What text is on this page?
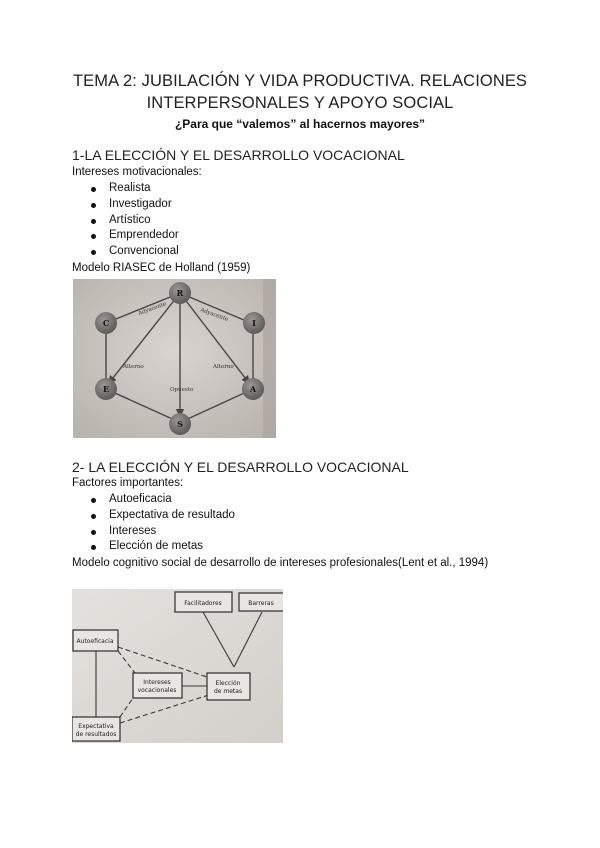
TEMA 2: JUBILACIÓN Y VIDA PRODUCTIVA. RELACIONES
INTERPERSONALES Y APOYO SOCIAL
¿Para que “valemos” al hacernos mayores”
1-LA ELECCIÓN Y EL DESARROLLO VOCACIONAL
Intereses motivacionales:
Realista
Investigador
Artístico
Emprendedor
Convencional
Modelo RIASEC de Holland (1959)
Adyacente	Adyacente
Alterno	Alterno
Opuesto
R
I
A
S
E
C
2- LA ELECCIÓN Y EL DESARROLLO VOCACIONAL
Factores importantes:
Autoeficacia
Expectativa de resultado
Intereses
Elección de metas
Modelo cognitivo social de desarrollo de intereses profesionales(Lent et al., 1994)
Facilitadores	Barreras
Autoeficacia
Intereses
vocacionales
Elección
de metas
Expectativa
de resultados
